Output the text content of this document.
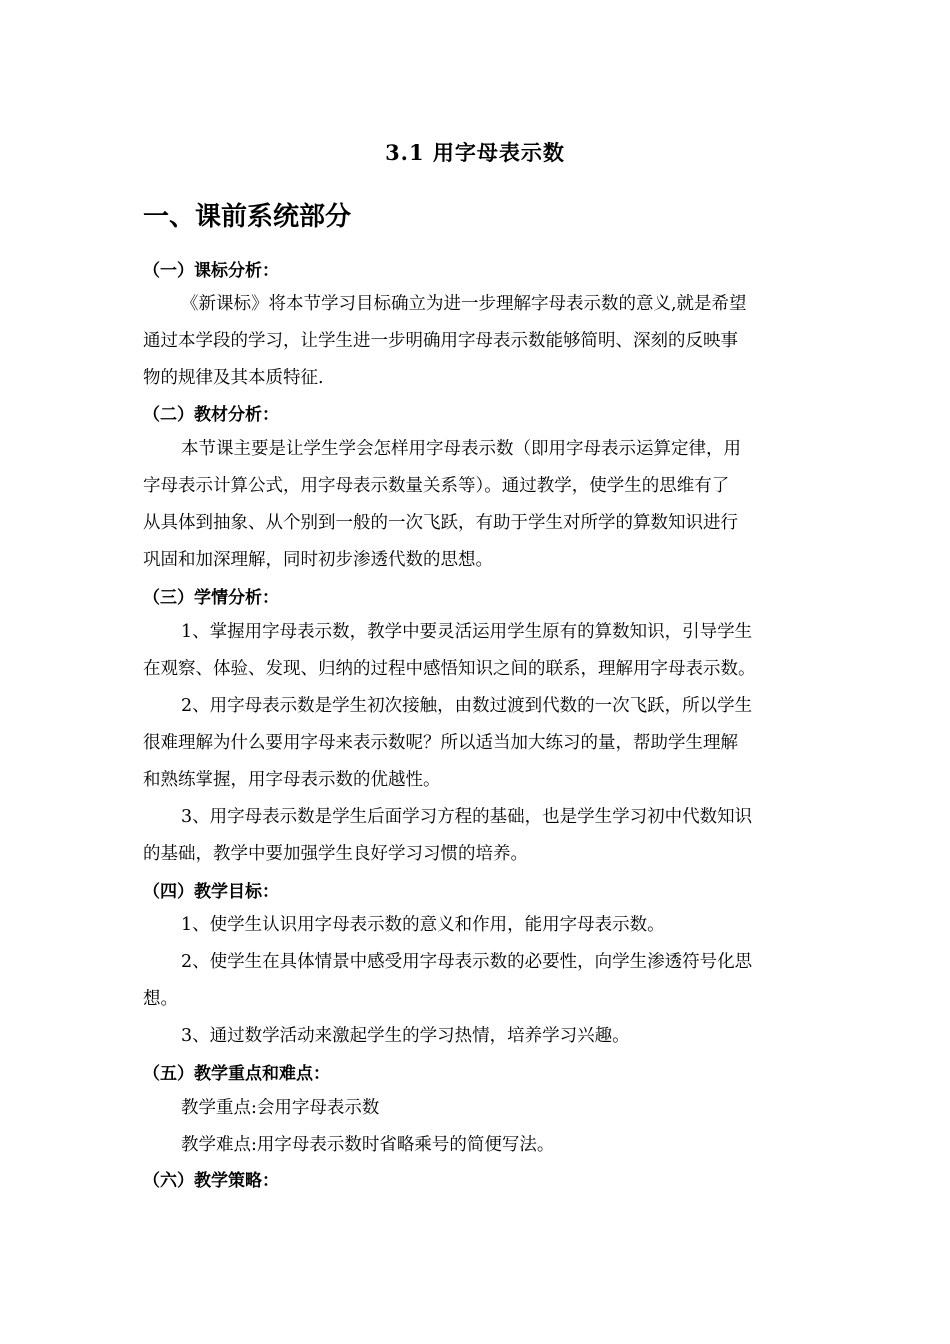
3.1 用字母表示数
一、课前系统部分
（一）课标分析：
《新课标》将本节学习目标确立为进一步理解字母表示数的意义,就是希望
通过本学段的学习，让学生进一步明确用字母表示数能够简明、深刻的反映事
物的规律及其本质特征.
（二）教材分析：
本节课主要是让学生学会怎样用字母表示数（即用字母表示运算定律，用
字母表示计算公式，用字母表示数量关系等）。通过教学，使学生的思维有了
从具体到抽象、从个别到一般的一次飞跃，有助于学生对所学的算数知识进行
巩固和加深理解，同时初步渗透代数的思想。
（三）学情分析：
1、掌握用字母表示数，教学中要灵活运用学生原有的算数知识，引导学生
在观察、体验、发现、归纳的过程中感悟知识之间的联系，理解用字母表示数。
2、用字母表示数是学生初次接触，由数过渡到代数的一次飞跃，所以学生
很难理解为什么要用字母来表示数呢？所以适当加大练习的量，帮助学生理解
和熟练掌握，用字母表示数的优越性。
3、用字母表示数是学生后面学习方程的基础，也是学生学习初中代数知识
的基础，教学中要加强学生良好学习习惯的培养。
（四）教学目标：
1、使学生认识用字母表示数的意义和作用，能用字母表示数。
2、使学生在具体情景中感受用字母表示数的必要性，向学生渗透符号化思
想。
3、通过数学活动来激起学生的学习热情，培养学习兴趣。
（五）教学重点和难点：
教学重点:会用字母表示数
教学难点:用字母表示数时省略乘号的简便写法。
（六）教学策略：
